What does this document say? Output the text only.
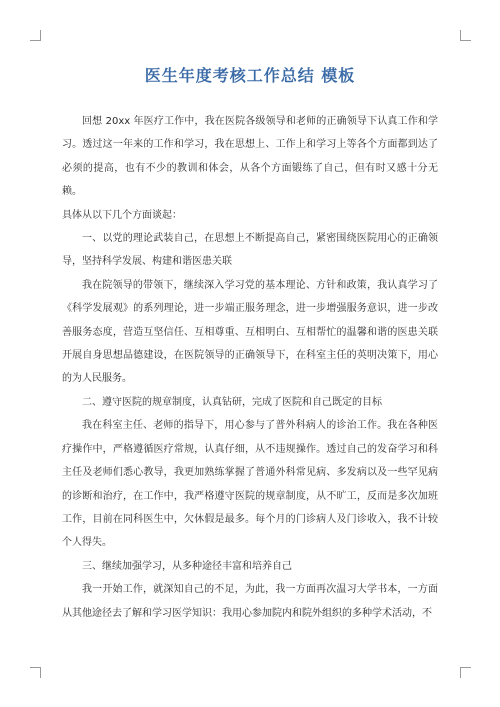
医生年度考核工作总结 模板

回想 20xx 年医疗工作中，我在医院各级领导和老师的正确领导下认真工作和学习。透过这一年来的工作和学习，我在思想上、工作上和学习上等各个方面都到达了必须的提高，也有不少的教训和体会，从各个方面锻练了自己，但有时又感十分无赖。

具体从以下几个方面谈起：

一、以党的理论武装自己，在思想上不断提高自己，紧密围绕医院用心的正确领导，坚持科学发展、构建和谐医患关联

我在院领导的带领下，继续深入学习党的基本理论、方针和政策，我认真学习了《科学发展观》的系列理论，进一步端正服务理念，进一步增强服务意识，进一步改善服务态度，营造互坚信任、互相尊重、互相明白、互相帮忙的温馨和谐的医患关联开展自身思想品德建设，在医院领导的正确领导下，在科室主任的英明决策下，用心的为人民服务。

二、遵守医院的规章制度，认真钻研，完成了医院和自己既定的目标

我在科室主任、老师的指导下，用心参与了普外科病人的诊治工作。我在各种医疗操作中，严格遵循医疗常规，认真仔细，从不违规操作。透过自己的发奋学习和科主任及老师们悉心教导，我更加熟练掌握了普通外科常见病、多发病以及一些罕见病的诊断和治疗，在工作中，我严格遵守医院的规章制度，从不旷工，反而是多次加班工作，目前在同科医生中，欠休假是最多。每个月的门诊病人及门诊收入，我不计较个人得失。

三、继续加强学习，从多种途径丰富和培养自己

我一开始工作，就深知自己的不足，为此，我一方面再次温习大学书本，一方面从其他途径去了解和学习医学知识：我用心参加院内和院外组织的多种学术活动，不
